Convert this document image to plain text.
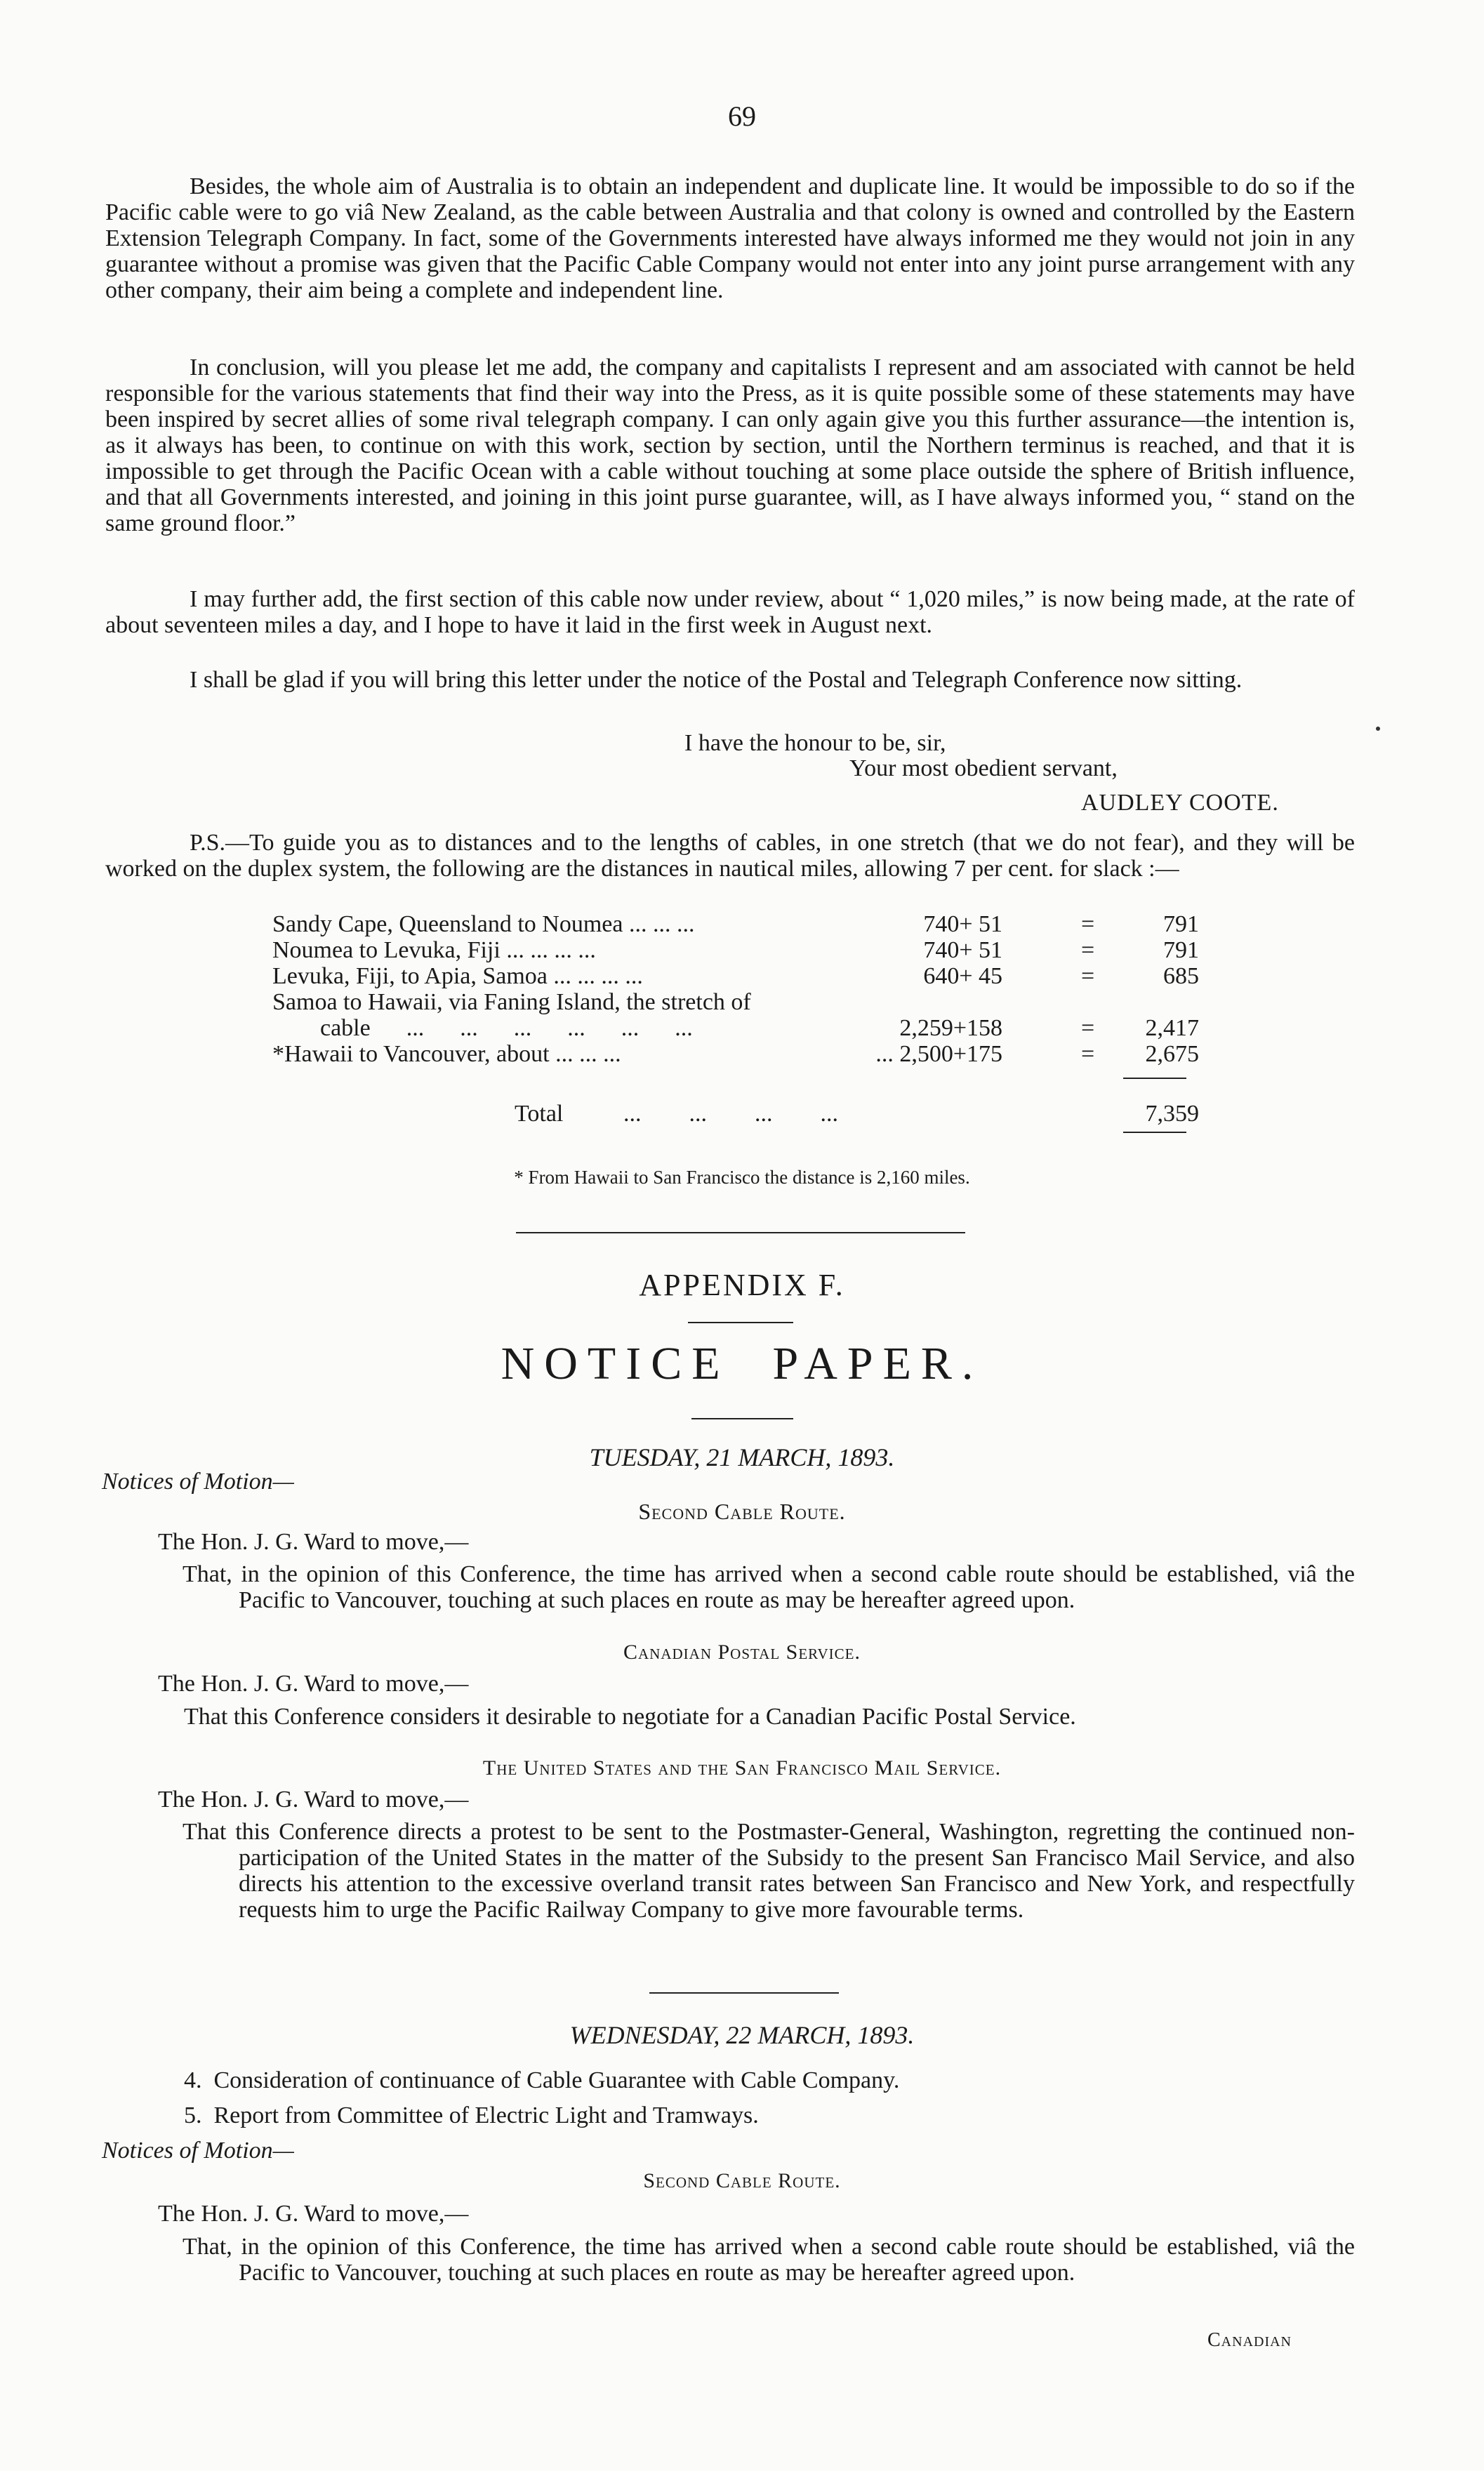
69
Besides, the whole aim of Australia is to obtain an independent and duplicate line. It would be impossible to do so if the Pacific cable were to go viâ New Zealand, as the cable between Australia and that colony is owned and controlled by the Eastern Extension Telegraph Company. In fact, some of the Governments interested have always informed me they would not join in any guarantee without a promise was given that the Pacific Cable Company would not enter into any joint purse arrangement with any other company, their aim being a complete and independent line.
In conclusion, will you please let me add, the company and capitalists I represent and am associated with cannot be held responsible for the various statements that find their way into the Press, as it is quite possible some of these statements may have been inspired by secret allies of some rival telegraph company. I can only again give you this further assurance—the intention is, as it always has been, to continue on with this work, section by section, until the Northern terminus is reached, and that it is impossible to get through the Pacific Ocean with a cable without touching at some place outside the sphere of British influence, and that all Governments interested, and joining in this joint purse guarantee, will, as I have always informed you, “ stand on the same ground floor.”
I may further add, the first section of this cable now under review, about “ 1,020 miles,” is now being made, at the rate of about seventeen miles a day, and I hope to have it laid in the first week in August next.
I shall be glad if you will bring this letter under the notice of the Postal and Telegraph Conference now sitting.
I have the honour to be, sir,
Your most obedient servant,
AUDLEY COOTE.
P.S.—To guide you as to distances and to the lengths of cables, in one stretch (that we do not fear), and they will be worked on the duplex system, the following are the distances in nautical miles, allowing 7 per cent. for slack :—
Sandy Cape, Queensland to Noumea ... ... ...	740+ 51	=	791
Noumea to Levuka, Fiji ... ... ... ...	740+ 51	=	791
Levuka, Fiji, to Apia, Samoa ... ... ... ...	640+ 45	=	685
Samoa to Hawaii, via Faning Island, the stretch of
cable      ...      ...      ...      ...      ...      ...	2,259+158	=	2,417
*Hawaii to Vancouver, about ... ... ...	... 2,500+175	=	2,675
Total	...        ...        ...        ...	7,359
* From Hawaii to San Francisco the distance is 2,160 miles.
APPENDIX F.
NOTICE  PAPER.
TUESDAY, 21 MARCH, 1893.
Notices of Motion—
Second Cable Route.
The Hon. J. G. Ward to move,—
That, in the opinion of this Conference, the time has arrived when a second cable route should be established, viâ the Pacific to Vancouver, touching at such places en route as may be hereafter agreed upon.
Canadian Postal Service.
The Hon. J. G. Ward to move,—
That this Conference considers it desirable to negotiate for a Canadian Pacific Postal Service.
The United States and the San Francisco Mail Service.
The Hon. J. G. Ward to move,—
That this Conference directs a protest to be sent to the Postmaster-General, Washington, regretting the continued non-participation of the United States in the matter of the Subsidy to the present San Francisco Mail Service, and also directs his attention to the excessive overland transit rates between San Francisco and New York, and respectfully requests him to urge the Pacific Railway Company to give more favourable terms.
WEDNESDAY, 22 MARCH, 1893.
4.  Consideration of continuance of Cable Guarantee with Cable Company.
5.  Report from Committee of Electric Light and Tramways.
Notices of Motion—
Second Cable Route.
The Hon. J. G. Ward to move,—
That, in the opinion of this Conference, the time has arrived when a second cable route should be established, viâ the Pacific to Vancouver, touching at such places en route as may be hereafter agreed upon.
Canadian
